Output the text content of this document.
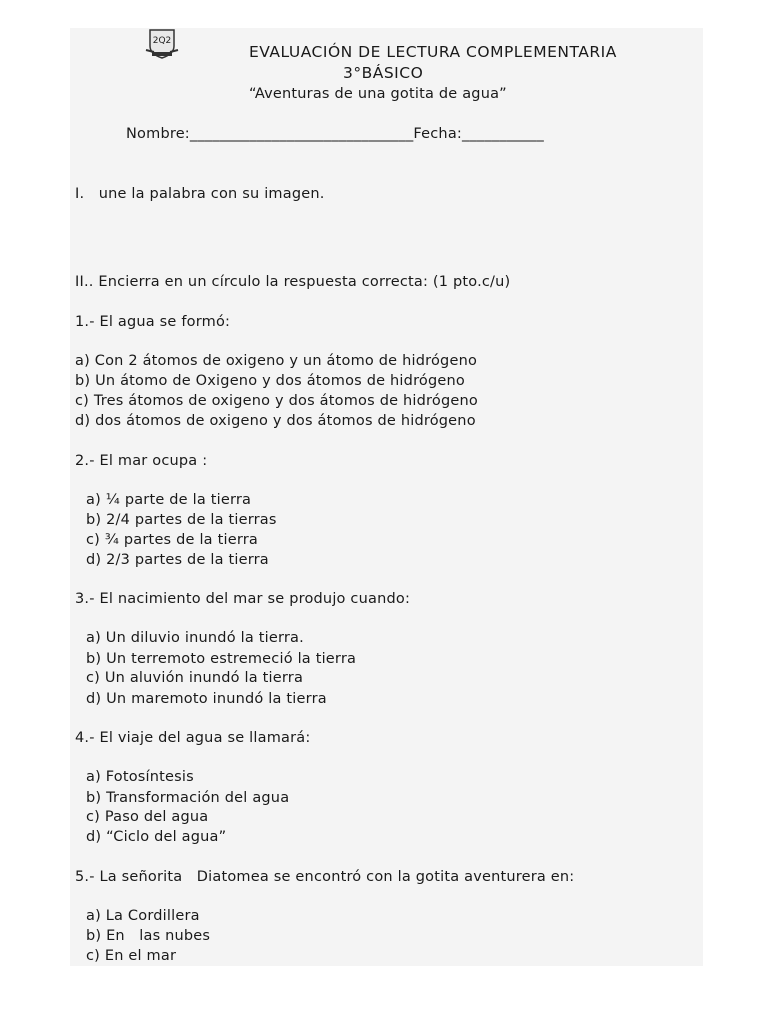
2Q2
EVALUACIÓN DE LECTURA COMPLEMENTARIA
3°BÁSICO
“Aventuras de una gotita de agua”
Nombre:______________________________Fecha:___________
I.   une la palabra con su imagen.
II.. Encierra en un círculo la respuesta correcta: (1 pto.c/u)
1.- El agua se formó:
a) Con 2 átomos de oxigeno y un átomo de hidrógeno
b) Un átomo de Oxigeno y dos átomos de hidrógeno
c) Tres átomos de oxigeno y dos átomos de hidrógeno
d) dos átomos de oxigeno y dos átomos de hidrógeno
2.- El mar ocupa :
a) ¼ parte de la tierra
b) 2/4 partes de la tierras
c) ¾ partes de la tierra
d) 2/3 partes de la tierra
3.- El nacimiento del mar se produjo cuando:
a) Un diluvio inundó la tierra.
b) Un terremoto estremeció la tierra
c) Un aluvión inundó la tierra
d) Un maremoto inundó la tierra
4.- El viaje del agua se llamará:
a) Fotosíntesis
b) Transformación del agua
c) Paso del agua
d) “Ciclo del agua”
5.- La señorita   Diatomea se encontró con la gotita aventurera en:
a) La Cordillera
b) En   las nubes
c) En el mar
